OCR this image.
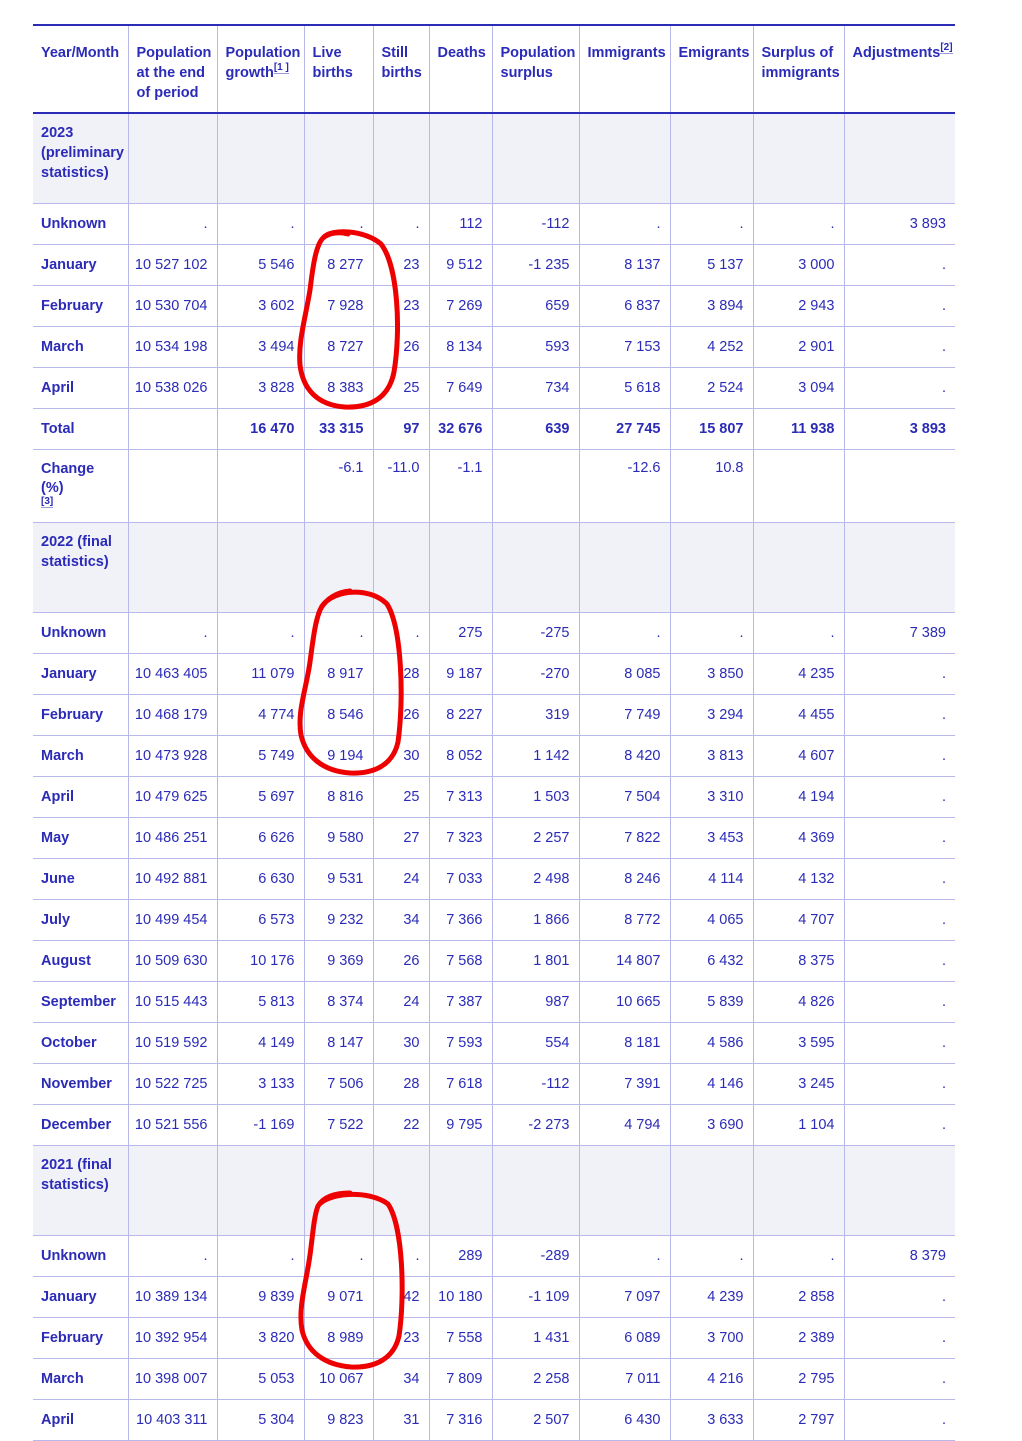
Year/Month	Population at the end of period	Population growth[1 ]	Live births	Still births	Deaths	Population surplus	Immigrants	Emigrants	Surplus of immigrants	Adjustments[2]
2023 (preliminary statistics)										
Unknown	.	.	.	.	112	-112	.	.	.	3 893
January	10 527 102	5 546	8 277	23	9 512	-1 235	8 137	5 137	3 000	.
February	10 530 704	3 602	7 928	23	7 269	659	6 837	3 894	2 943	.
March	10 534 198	3 494	8 727	26	8 134	593	7 153	4 252	2 901	.
April	10 538 026	3 828	8 383	25	7 649	734	5 618	2 524	3 094	.
Total		16 470	33 315	97	32 676	639	27 745	15 807	11 938	3 893
Change (%)
[3]			-6.1	-11.0	-1.1		-12.6	10.8		
2022 (final statistics)										
Unknown	.	.	.	.	275	-275	.	.	.	7 389
January	10 463 405	11 079	8 917	28	9 187	-270	8 085	3 850	4 235	.
February	10 468 179	4 774	8 546	26	8 227	319	7 749	3 294	4 455	.
March	10 473 928	5 749	9 194	30	8 052	1 142	8 420	3 813	4 607	.
April	10 479 625	5 697	8 816	25	7 313	1 503	7 504	3 310	4 194	.
May	10 486 251	6 626	9 580	27	7 323	2 257	7 822	3 453	4 369	.
June	10 492 881	6 630	9 531	24	7 033	2 498	8 246	4 114	4 132	.
July	10 499 454	6 573	9 232	34	7 366	1 866	8 772	4 065	4 707	.
August	10 509 630	10 176	9 369	26	7 568	1 801	14 807	6 432	8 375	.
September	10 515 443	5 813	8 374	24	7 387	987	10 665	5 839	4 826	.
October	10 519 592	4 149	8 147	30	7 593	554	8 181	4 586	3 595	.
November	10 522 725	3 133	7 506	28	7 618	-112	7 391	4 146	3 245	.
December	10 521 556	-1 169	7 522	22	9 795	-2 273	4 794	3 690	1 104	.
2021 (final statistics)										
Unknown	.	.	.	.	289	-289	.	.	.	8 379
January	10 389 134	9 839	9 071	42	10 180	-1 109	7 097	4 239	2 858	.
February	10 392 954	3 820	8 989	23	7 558	1 431	6 089	3 700	2 389	.
March	10 398 007	5 053	10 067	34	7 809	2 258	7 011	4 216	2 795	.
April	10 403 311	5 304	9 823	31	7 316	2 507	6 430	3 633	2 797	.
